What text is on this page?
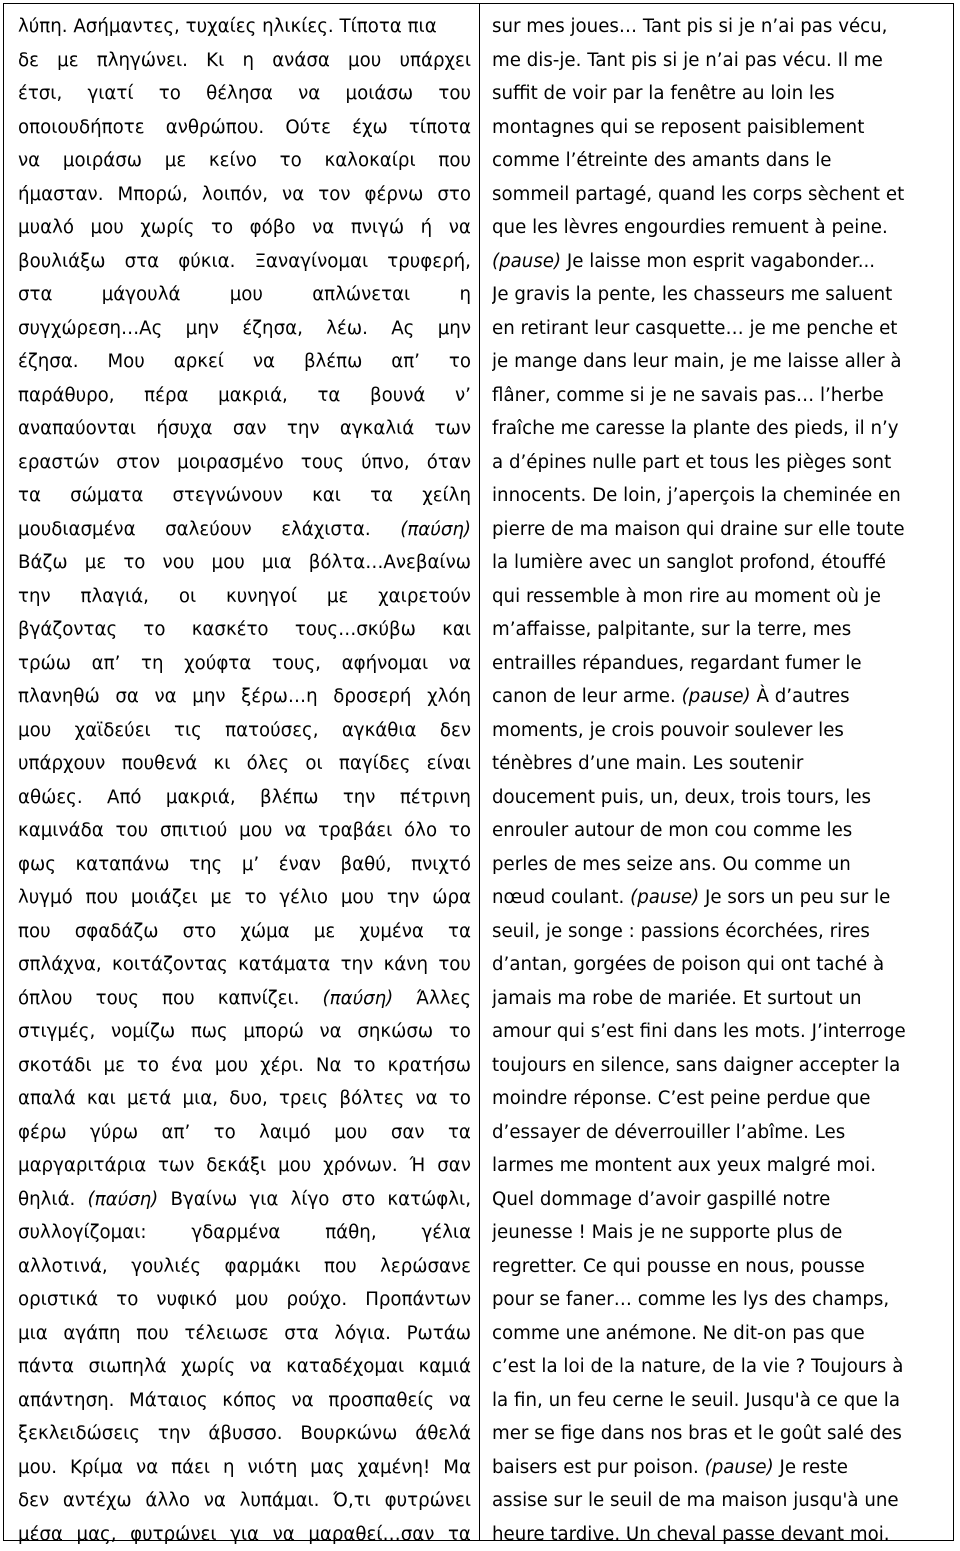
λύπη. Ασήμαντες, τυχαίες ηλικίες. Τίποτα πια
δε με πληγώνει. Κι η ανάσα μου υπάρχει
έτσι, γιατί το θέλησα να μοιάσω του
οποιουδήποτε ανθρώπου. Ούτε έχω τίποτα
να μοιράσω με κείνο το καλοκαίρι που
ήμασταν. Μπορώ, λοιπόν, να τον φέρνω στο
μυαλό μου χωρίς το φόβο να πνιγώ ή να
βουλιάξω στα φύκια. Ξαναγίνομαι τρυφερή,
στα	μάγουλά	μου	απλώνεται	η
συγχώρεση…Ας μην έζησα, λέω. Ας μην
έζησα. Μου αρκεί να βλέπω απ’ το
παράθυρο, πέρα μακριά, τα βουνά ν’
αναπαύονται ήσυχα σαν την αγκαλιά των
εραστών στον μοιρασμένο τους ύπνο, όταν
τα σώματα στεγνώνουν και τα χείλη
μουδιασμένα σαλεύουν ελάχιστα. (παύση)
Βάζω με το νου μου μια βόλτα…Ανεβαίνω
την πλαγιά, οι κυνηγοί με χαιρετούν
βγάζοντας το κασκέτο τους…σκύβω και
τρώω απ’ τη χούφτα τους, αφήνομαι να
πλανηθώ σα να μην ξέρω…η δροσερή χλόη
μου χαϊδεύει τις πατούσες, αγκάθια δεν
υπάρχουν πουθενά κι όλες οι παγίδες είναι
αθώες. Από μακριά, βλέπω την πέτρινη
καμινάδα του σπιτιού μου να τραβάει όλο το
φως καταπάνω της μ’ έναν βαθύ, πνιχτό
λυγμό που μοιάζει με το γέλιο μου την ώρα
που σφαδάζω στο χώμα με χυμένα τα
σπλάχνα, κοιτάζοντας κατάματα την κάνη του
όπλου τους που καπνίζει. (παύση) Άλλες
στιγμές, νομίζω πως μπορώ να σηκώσω το
σκοτάδι με το ένα μου χέρι. Να το κρατήσω
απαλά και μετά μια, δυο, τρεις βόλτες να το
φέρω γύρω απ’ το λαιμό μου σαν τα
μαργαριτάρια των δεκάξι μου χρόνων. Ή σαν
θηλιά. (παύση) Βγαίνω για λίγο στο κατώφλι,
συλλογίζομαι: γδαρμένα πάθη, γέλια
αλλοτινά, γουλιές φαρμάκι που λερώσανε
οριστικά το νυφικό μου ρούχο. Προπάντων
μια αγάπη που τέλειωσε στα λόγια. Ρωτάω
πάντα σιωπηλά χωρίς να καταδέχομαι καμιά
απάντηση. Μάταιος κόπος να προσπαθείς να
ξεκλειδώσεις την άβυσσο. Βουρκώνω άθελά
μου. Κρίμα να πάει η νιότη μας χαμένη! Μα
δεν αντέχω άλλο να λυπάμαι. Ό,τι φυτρώνει
μέσα μας, φυτρώνει για να μαραθεί…σαν τα
sur mes joues… Tant pis si je n’ai pas vécu,
me dis-je. Tant pis si je n’ai pas vécu. Il me
suffit de voir par la fenêtre au loin les
montagnes qui se reposent paisiblement
comme l’étreinte des amants dans le
sommeil partagé, quand les corps sèchent et
que les lèvres engourdies remuent à peine.
(pause) Je laisse mon esprit vagabonder...
Je gravis la pente, les chasseurs me saluent
en retirant leur casquette… je me penche et
je mange dans leur main, je me laisse aller à
flâner, comme si je ne savais pas… l’herbe
fraîche me caresse la plante des pieds, il n’y
a d’épines nulle part et tous les pièges sont
innocents. De loin, j’aperçois la cheminée en
pierre de ma maison qui draine sur elle toute
la lumière avec un sanglot profond, étouffé
qui ressemble à mon rire au moment où je
m’affaisse, palpitante, sur la terre, mes
entrailles répandues, regardant fumer le
canon de leur arme. (pause) À d’autres
moments, je crois pouvoir soulever les
ténèbres d’une main. Les soutenir
doucement puis, un, deux, trois tours, les
enrouler autour de mon cou comme les
perles de mes seize ans. Ou comme un
nœud coulant. (pause) Je sors un peu sur le
seuil, je songe : passions écorchées, rires
d’antan, gorgées de poison qui ont taché à
jamais ma robe de mariée. Et surtout un
amour qui s’est fini dans les mots. J’interroge
toujours en silence, sans daigner accepter la
moindre réponse. C’est peine perdue que
d’essayer de déverrouiller l’abîme. Les
larmes me montent aux yeux malgré moi.
Quel dommage d’avoir gaspillé notre
jeunesse ! Mais je ne supporte plus de
regretter. Ce qui pousse en nous, pousse
pour se faner… comme les lys des champs,
comme une anémone. Ne dit-on pas que
c’est la loi de la nature, de la vie ? Toujours à
la fin, un feu cerne le seuil. Jusqu'à ce que la
mer se fige dans nos bras et le goût salé des
baisers est pur poison. (pause) Je reste
assise sur le seuil de ma maison jusqu'à une
heure tardive. Un cheval passe devant moi.
